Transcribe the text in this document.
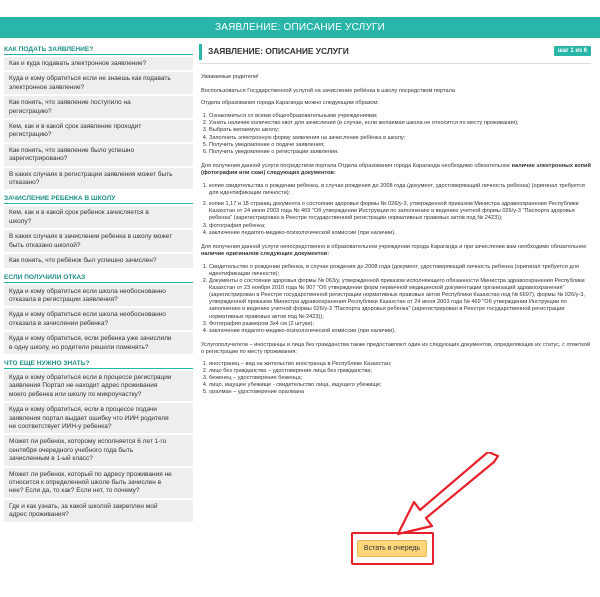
ЗАЯВЛЕНИЕ: ОПИСАНИЕ УСЛУГИ
КАК ПОДАТЬ ЗАЯВЛЕНИЕ?
Как и куда подавать электронное заявление?
Куда и кому обратиться если не знаешь как подавать
электронное заявление?
Как понять, что заявление поступило на
регистрацию?
Кем, как и в какой срок заявление проходит
регистрацию?
Как понять, что заявление было успешно
зарегистрировано?
В каких случаях в регистрации заявления может быть
отказано?
ЗАЧИСЛЕНИЕ РЕБЕНКА В ШКОЛУ
Кем, как и в какой срок ребенок зачисляется в
школу?
В каких случаях в зачислении ребенка в школу может
быть отказано школой?
Как понять, что ребёнок был успешно зачислен?
ЕСЛИ ПОЛУЧИЛИ ОТКАЗ
Куда и кому обратиться если школа необоснованно
отказала в регистрации заявления?
Куда и кому обратиться если школа необоснованно
отказала в зачислении ребенка?
Куда и кому обратиться, если ребенка уже зачислили
в одну школу, но родители решили поменять?
ЧТО ЕЩЕ НУЖНО ЗНАТЬ?
Куда и кому обратиться если в процессе регистрации
заявления Портал не находит адрес проживания
моего ребенка или школу по микроучастку?
Куда и кому обратиться, если в процессе подачи
заявления портал выдает ошибку что ИИН родителя
не соответствует ИИН-у ребенка?
Может ли ребенок, которому исполняется 6 лет 1-го
сентября очередного учебного года быть
зачисленным в 1-ый класс?
Может ли ребенок, который по адресу проживания не
относится к определенной школе быть зачислен в
нее? Если да, то как? Если нет, то почему?
Где и как узнать, за какой школой закреплен мой
адрес проживания?
ЗАЯВЛЕНИЕ: ОПИСАНИЕ УСЛУГИ	шаг 1 из 6

Уважаемые родители!

Воспользоваться Государственной услугой на зачисление ребёнка в школу посредством портала

Отдела образования города Караганда можно следующим образом:

1. Ознакомиться со всеми общеобразовательными учреждениями;
2. Узнать наличие количество квот для зачисления (в случае, если желаемая школа не относится по месту проживания);
3. Выбрать желаемую школу;
4. Заполнить электронную форму заявления на зачисление ребёнка в школу;
5. Получить уведомление о подаче заявления;
6. Получить уведомление о регистрации заявления.

Для получения данной услуги посредством портала Отдела образования города Караганда необходимо обязательное наличие электронных копий (фотография или скан) следующих документов:

1. копия свидетельства о рождении ребенка, в случае рождения до 2008 года (документ, удостоверяющий личность ребенка) (оригинал требуется для идентификации личности);
2. копии 1,17 и 18 страниц документа о состоянии здоровья формы № 026/у-3, утвержденной приказом Министра здравоохранения Республики Казахстан от 24 июня 2003 года № 469 "Об утверждении Инструкции по заполнению и ведению учетной формы 026/у-3 "Паспорта здоровья ребенка" (зарегистрирован в Реестре государственной регистрации нормативных правовых актов под № 2423));
3. фотография ребенка;
4. заключение педагого-медико-психологической комиссии (при наличии).

Для получения данной услуги непосредственно в образовательном учреждении города Караганда и при зачислении вам необходимо обязательное наличие оригиналов следующих документов:

1. Свидетельство о рождении ребенка, в случае рождения до 2008 года (документ, удостоверяющий личность ребенка (оригинал требуется для идентификации личности);
2. Документы о состоянии здоровья формы № 063/у, утвержденной приказом исполняющего обязанности Министра здравоохранения Республики Казахстан от 23 ноября 2010 года № 907 "Об утверждении форм первичной медицинской документации организаций здравоохранения" (зарегистрирован в Реестре государственной регистрации нормативных правовых актов Республики Казахстан под № 6697), формы № 026/у-3, утвержденной приказом Министра здравоохранения Республики Казахстан от 24 июня 2003 года № 469 "Об утверждении Инструкции по заполнению и ведению учетной формы 026/у-3 "Паспорта здоровья ребенка" (зарегистрирован в Реестре государственной регистрации нормативных правовых актов под № 2423));
3. Фотография размером 3х4 см (2 штуки);
4. заключение педагого-медико-психологической комиссии (при наличии).

Услугополучатели – иностранцы и лица без гражданства также предоставляют один из следующих документов, определяющих их статус, с отметкой о регистрации по месту проживания:

1. иностранец – вид на жительство иностранца в Республике Казахстан;
2. лицо без гражданства – удостоверение лица без гражданства;
3. беженец – удостоверение беженца;
4. лицо, ищущее убежище - свидетельство лица, ищущего убежище;
5. оралман – удостоверение оралмана
Встать в очередь
